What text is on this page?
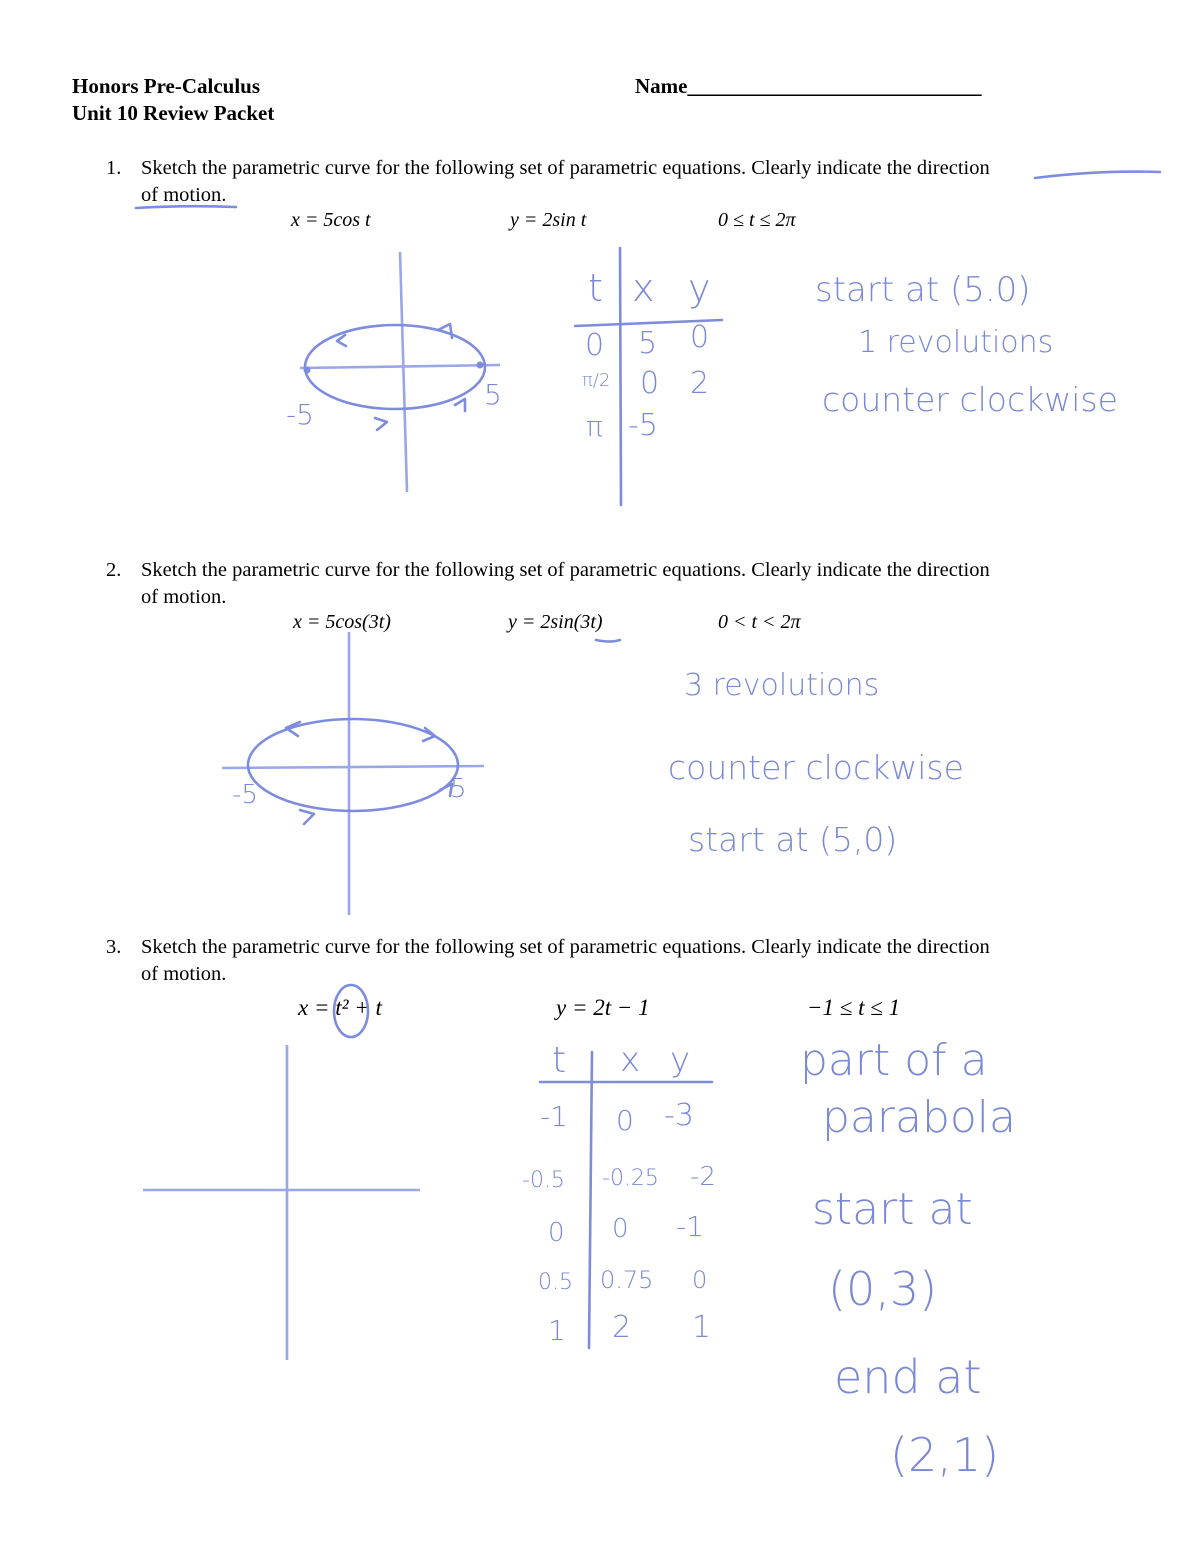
Honors Pre-Calculus
Unit 10 Review Packet
Name____________________________
1. Sketch the parametric curve for the following set of parametric equations. Clearly indicate the direction
of motion.
x = 5cos t	y = 2sin t	0 ≤ t ≤ 2π
2. Sketch the parametric curve for the following set of parametric equations. Clearly indicate the direction
of motion.
x = 5cos(3t)	y = 2sin(3t)	0 < t < 2π
3. Sketch the parametric curve for the following set of parametric equations. Clearly indicate the direction
of motion.
x = t² + t	y = 2t − 1	−1 ≤ t ≤ 1
-5
5
t x y
0 5 0
π/2 0 2
π -5
start at (5.0)
1 revolutions
counter clockwise
-5	5
3 revolutions
counter clockwise
start at (5,0)
t x y
-1 0 -3
-0.5 -0.25 -2
0 0 -1
0.5 0.75 0
1 2 1
part of a
parabola
start at
(0,3)
end at
(2,1)
